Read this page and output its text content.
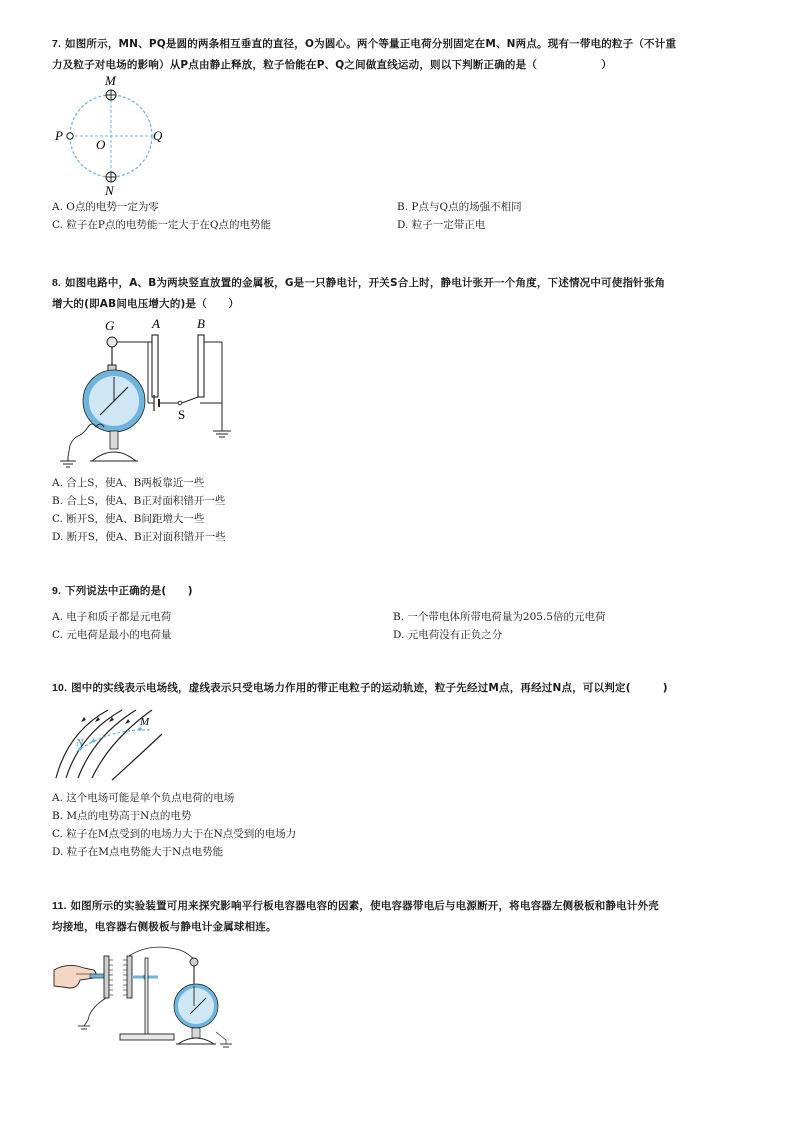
7. 如图所示，MN、PQ是圆的两条相互垂直的直径，O为圆心。两个等量正电荷分别固定在M、N两点。现有一带电的粒子（不计重
力及粒子对电场的影响）从P点由静止释放，粒子恰能在P、Q之间做直线运动，则以下判断正确的是（　　　　　　）
M
N
P	Q
O
A. O点的电势一定为零	B. P点与Q点的场强不相同
C. 粒子在P点的电势能一定大于在Q点的电势能	D. 粒子一定带正电
8. 如图电路中，A、B为两块竖直放置的金属板，G是一只静电计，开关S合上时，静电计张开一个角度，下述情况中可使指针张角
增大的(即AB间电压增大的)是（　　）
A	B
G
S
A. 合上S，使A、B两板靠近一些
B. 合上S，使A、B正对面积错开一些
C. 断开S，使A、B间距增大一些
D. 断开S，使A、B正对面积错开一些
9. 下列说法中正确的是(　　)
A. 电子和质子都是元电荷	B. 一个带电体所带电荷量为205.5倍的元电荷
C. 元电荷是最小的电荷量	D. 元电荷没有正负之分
10. 图中的实线表示电场线，虚线表示只受电场力作用的带正电粒子的运动轨迹，粒子先经过M点，再经过N点，可以判定(　　　)
M
N
A. 这个电场可能是单个负点电荷的电场
B. M点的电势高于N点的电势
C. 粒子在M点受到的电场力大于在N点受到的电场力
D. 粒子在M点电势能大于N点电势能
11. 如图所示的实验装置可用来探究影响平行板电容器电容的因素，使电容器带电后与电源断开，将电容器左侧极板和静电计外壳
均接地，电容器右侧极板与静电计金属球相连。
